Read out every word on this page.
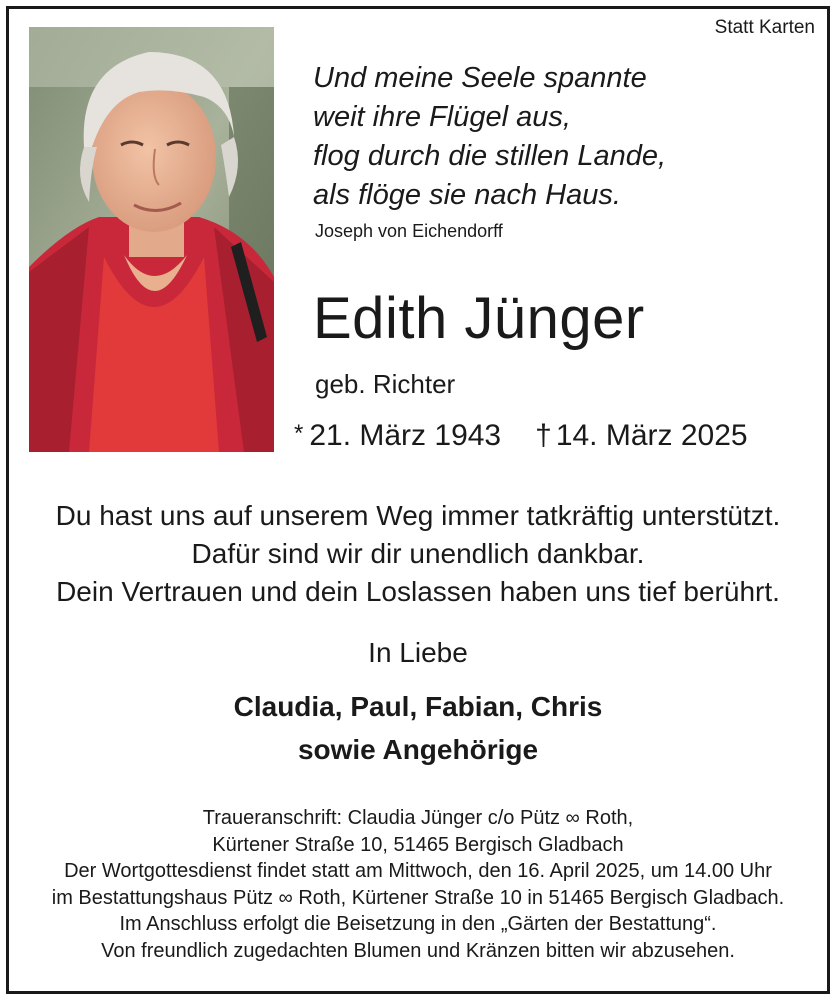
Statt Karten
Und meine Seele spannte
weit ihre Flügel aus,
flog durch die stillen Lande,
als flöge sie nach Haus.
Joseph von Eichendorff
Edith Jünger
geb. Richter
* 21. März 1943 † 14. März 2025
Du hast uns auf unserem Weg immer tatkräftig unterstützt.
Dafür sind wir dir unendlich dankbar.
Dein Vertrauen und dein Loslassen haben uns tief berührt.
In Liebe
Claudia, Paul, Fabian, Chris
sowie Angehörige
Traueranschrift: Claudia Jünger c/o Pütz ∞ Roth,
Kürtener Straße 10, 51465 Bergisch Gladbach
Der Wortgottesdienst findet statt am Mittwoch, den 16. April 2025, um 14.00 Uhr
im Bestattungshaus Pütz ∞ Roth, Kürtener Straße 10 in 51465 Bergisch Gladbach.
Im Anschluss erfolgt die Beisetzung in den „Gärten der Bestattung“.
Von freundlich zugedachten Blumen und Kränzen bitten wir abzusehen.
